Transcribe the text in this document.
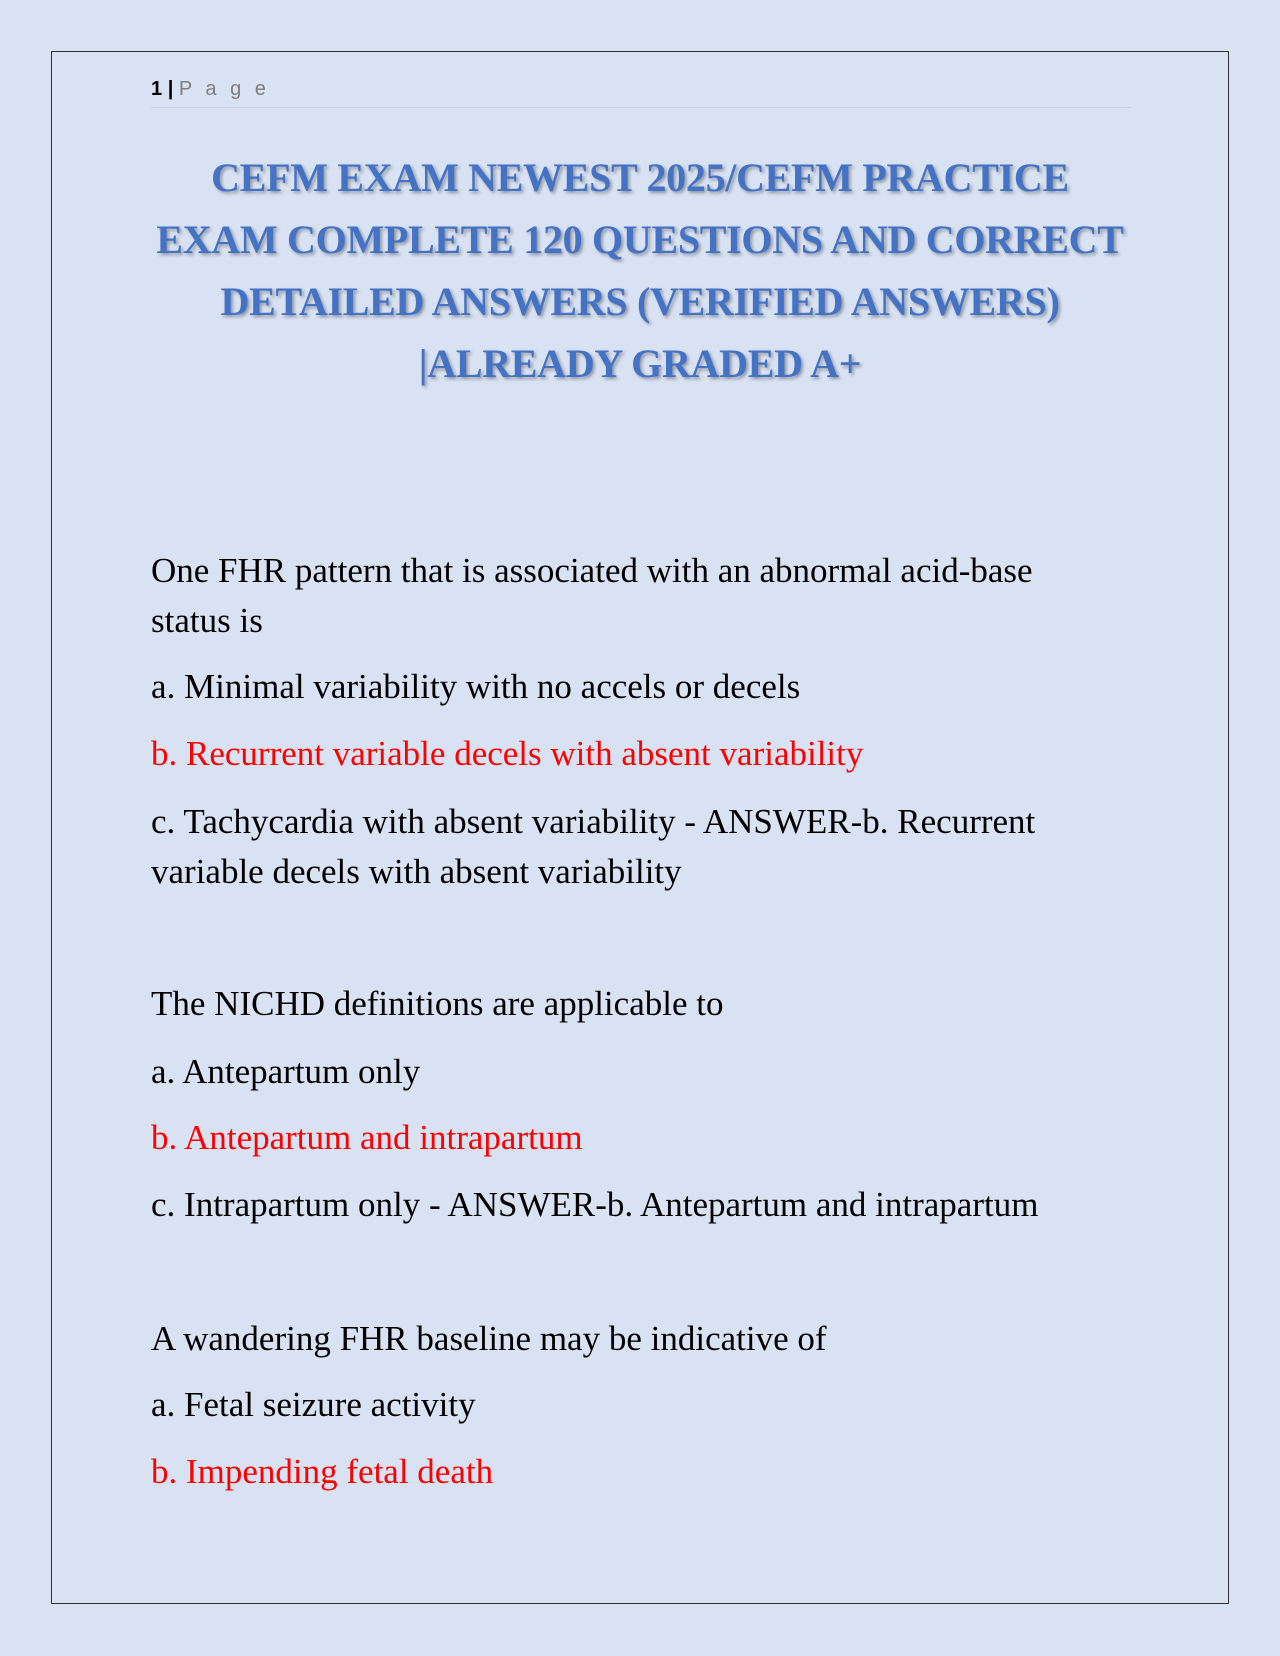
1 | P a g e
CEFM EXAM NEWEST 2025/CEFM PRACTICE EXAM COMPLETE 120 QUESTIONS AND CORRECT DETAILED ANSWERS (VERIFIED ANSWERS) |ALREADY GRADED A+

One FHR pattern that is associated with an abnormal acid-base status is

a. Minimal variability with no accels or decels

b. Recurrent variable decels with absent variability

c. Tachycardia with absent variability - ANSWER-b. Recurrent variable decels with absent variability

The NICHD definitions are applicable to

a. Antepartum only

b. Antepartum and intrapartum

c. Intrapartum only - ANSWER-b. Antepartum and intrapartum

A wandering FHR baseline may be indicative of

a. Fetal seizure activity

b. Impending fetal death
